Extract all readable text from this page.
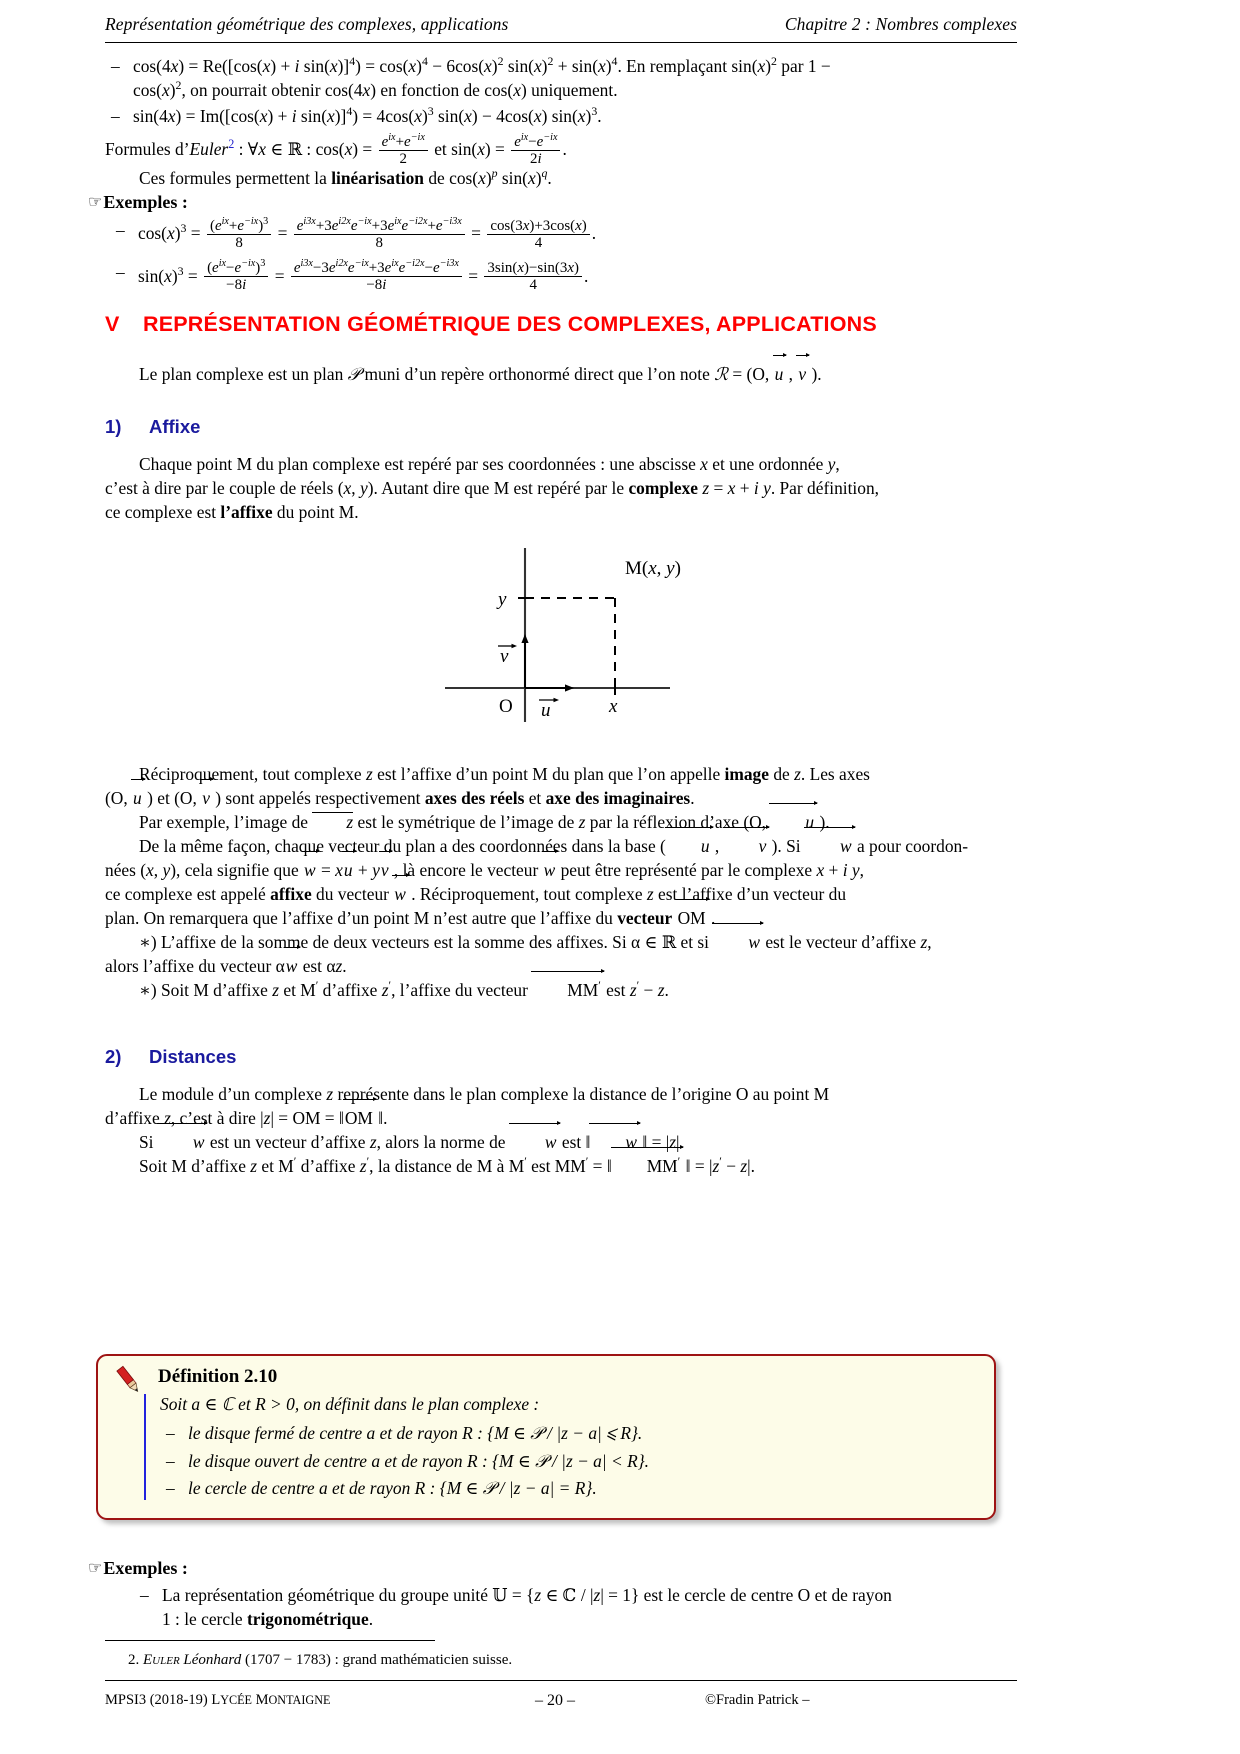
Représentation géométrique des complexes, applications	Chapitre 2 : Nombres complexes
– cos(4x) = Re([cos(x) + i $\sin(x)]^4) = \cos(x)^4 - 6\cos(x)^2$ $\sin(x)^2 + \sin(x)^4$. En remplaçant $\sin(x)^2$ par 1 −
$\cos(x)^2$, on pourrait obtenir cos(4x) en fonction de cos(x) uniquement.
– sin(4x) = Im([cos(x) + i $\sin(x)]^4) = 4\cos(x)^3$ sin(x) − 4cos(x) $\sin(x)^3$.
Formules d’Euler$^2$ : ∀x ∈ ℝ : $\cos(x) = \frac{e^{ix}+e^{-ix}}{2}$ et $\sin(x) = \frac{e^{ix}-e^{-ix}}{2i}$ .
Ces formules permettent la linéarisation de $\cos(x)^p$ $\sin(x)^q$.
☞Exemples :
– $\cos(x)^3 = \frac{(e^{ix}+e^{-ix})^3}{8} = \frac{e^{i3x}+3e^{i2x}e^{-ix}+3e^{ix}e^{-i2x}+e^{-i3x}}{8} = \frac{\cos(3x)+3\cos(x)}{4}$ .
– $\sin(x)^3 = \frac{(e^{ix}-e^{-ix})^3}{-8i} = \frac{e^{i3x}-3e^{i2x}e^{-ix}+3e^{ix}e^{-i2x}-e^{-i3x}}{-8i} = \frac{3\sin(x)-\sin(3x)}{4}$ .
V REPRÉSENTATION GÉOMÉTRIQUE DES COMPLEXES, APPLICATIONS
Le plan complexe est un plan 𝒫 muni d’un repère orthonormé direct que l’on note ℛ = (O, u , v ).
1) Affixe
Chaque point M du plan complexe est repéré par ses coordonnées : une abscisse x et une ordonnée y,
c’est à dire par le couple de réels (x, y). Autant dire que M est repéré par le complexe z = x + i y. Par définition,
ce complexe est l’affixe du point M.
M(x, y)
y
x
O u
v
Réciproquement, tout complexe z est l’affixe d’un point M du plan que l’on appelle image de z. Les axes
(O, u ) et (O, v ) sont appelés respectivement axes des réels et axe des imaginaires.
Par exemple, l’image de z est le symétrique de l’image de z par la réflexion d’axe (O, u ).
De la même façon, chaque vecteur du plan a des coordonnées dans la base ( u , v ). Si w a pour coordon-
nées (x, y), cela signifie que w = xu + yv , là encore le vecteur w peut être représenté par le complexe x + i y,
ce complexe est appelé affixe du vecteur w . Réciproquement, tout complexe z est l’affixe d’un vecteur du
plan. On remarquera que l’affixe d’un point M n’est autre que l’affixe du vecteur OM .
∗) L’affixe de la somme de deux vecteurs est la somme des affixes. Si α ∈ ℝ et si w est le vecteur d’affixe z,
alors l’affixe du vecteur αw est αz.
∗) Soit M d’affixe z et M′ d’affixe z′, l’affixe du vecteur MM′ est z′ − z.
2) Distances
Le module d’un complexe z représente dans le plan complexe la distance de l’origine O au point M
d’affixe z, c’est à dire |z| = OM = ‖OM ‖.
Si w est un vecteur d’affixe z, alors la norme de w est ‖ w ‖ = |z|.
Soit M d’affixe z et M′ d’affixe z′, la distance de M à M′ est MM′ = ‖ MM′ ‖ = |z′ − z|.
Définition 2.10
Soit a ∈ ℂ et R > 0, on définit dans le plan complexe :
– le disque fermé de centre a et de rayon R : {M ∈ 𝒫 / |z − a| ⩽ R}.
– le disque ouvert de centre a et de rayon R : {M ∈ 𝒫 / |z − a| < R}.
– le cercle de centre a et de rayon R : {M ∈ 𝒫 / |z − a| = R}.
☞Exemples :
– La représentation géométrique du groupe unité 𝕌 = {z ∈ ℂ / |z| = 1} est le cercle de centre O et de rayon
1 : le cercle trigonométrique.
2. Euler Léonhard (1707 − 1783) : grand mathématicien suisse.
MPSI3 (2018-19) LYCÉE MONTAIGNE	– 20 –	©Fradin Patrick –
